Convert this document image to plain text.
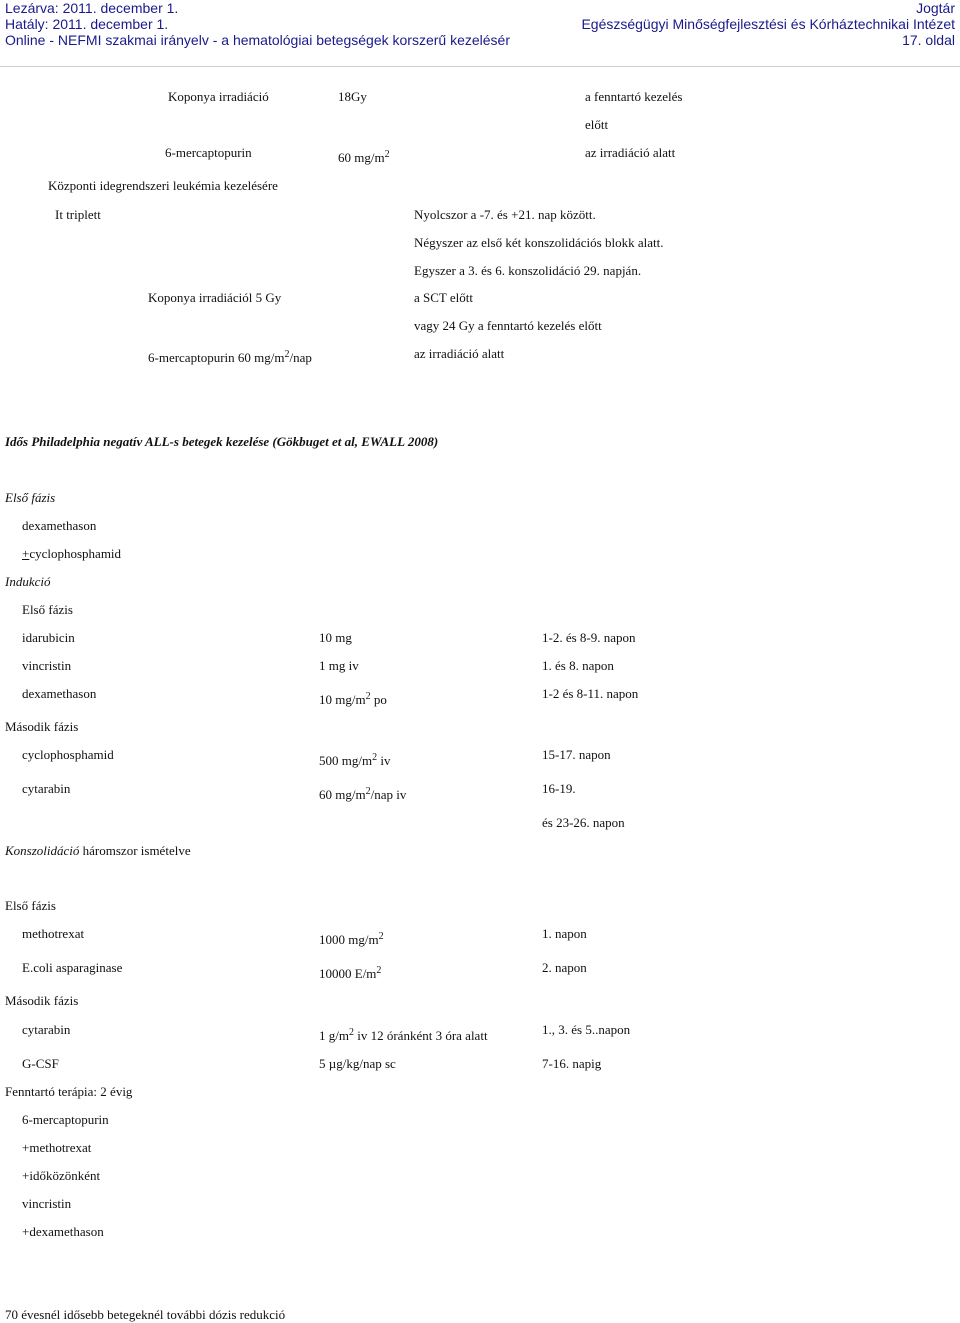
Lezárva: 2011. december 1.
Hatály: 2011. december 1.
Online - NEFMI szakmai irányelv - a hematológiai betegségek korszerű kezelésér
Jogtár
Egészségügyi Minőségfejlesztési és Kórháztechnikai Intézet
17. oldal
Koponya irradiáció	18Gy	a fenntartó kezelés
előtt
6-mercaptopurin	60 $mg/m^2$	az irradiáció alatt
Központi idegrendszeri leukémia kezelésére
It triplett	Nyolcszor a -7. és +21. nap között.
Négyszer az első két konszolidációs blokk alatt.
Egyszer a 3. és 6. konszolidáció 29. napján.
Koponya irradiációl 5 Gy	a SCT előtt
vagy 24 Gy a fenntartó kezelés előtt
6-mercaptopurin 60 $mg/m^2$/nap	az irradiáció alatt
Idős Philadelphia negatív ALL-s betegek kezelése (Gökbuget et al, EWALL 2008)
Első fázis
dexamethason
+cyclophosphamid
Indukció
Első fázis
idarubicin	10 mg	1-2. és 8-9. napon
vincristin	1 mg iv	1. és 8. napon
dexamethason	10 $mg/m^2$ po	1-2 és 8-11. napon
Második fázis
cyclophosphamid	500 $mg/m^2$ iv	15-17. napon
cytarabin	60 $mg/m^2$/nap iv	16-19.
és 23-26. napon
Konszolidáció háromszor ismételve
Első fázis
methotrexat	1000 $mg/m^2$	1. napon
E.coli asparaginase	10000 $E/m^2$	2. napon
Második fázis
cytarabin	1 $g/m^2$ iv 12 óránként 3 óra alatt	1., 3. és 5..napon
G-CSF	5 µg/kg/nap sc	7-16. napig
Fenntartó terápia: 2 évig
6-mercaptopurin
+methotrexat
+időközönként
vincristin
+dexamethason
70 évesnél idősebb betegeknél további dózis redukció
